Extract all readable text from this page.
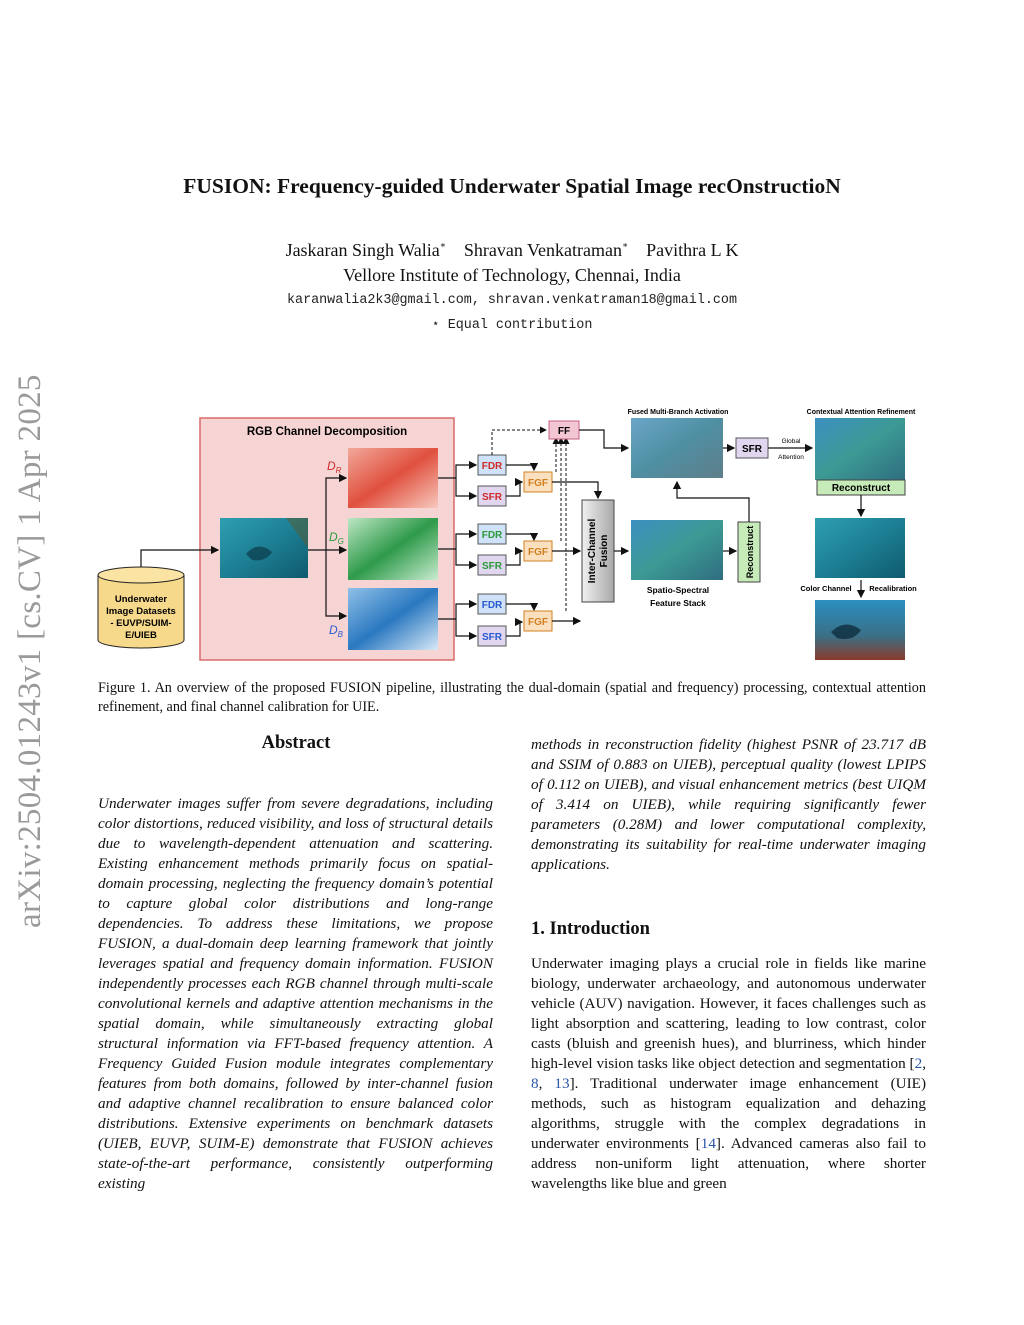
arXiv:2504.01243v1 [cs.CV] 1 Apr 2025
FUSION: Frequency-guided Underwater Spatial Image recOnstructioN
Jaskaran Singh Walia∗ Shravan Venkatraman∗ Pavithra L K
Vellore Institute of Technology, Chennai, India
karanwalia2k3@gmail.com, shravan.venkatraman18@gmail.com
⋆ Equal contribution
RGB Channel Decomposition
Underwater
Image Datasets
- EUVP/SUIM-
E/UIEB
$D_R$
$D_G$
$D_B$
FDR
SFR
FDR
SFR
FDR
SFR
FGF
FGF
FGF
FF
Inter-Channel Fusion
Fused Multi-Branch Activation
Spatio-Spectral
Feature Stack
Reconstruct
SFR
Global
Attention
Contextual Attention Refinement
Reconstruct
Color Channel Recalibration
Figure 1. An overview of the proposed FUSION pipeline, illustrating the dual-domain (spatial and frequency) processing, contextual attention refinement, and final channel calibration for UIE.
Abstract
Underwater images suffer from severe degradations, including color distortions, reduced visibility, and loss of structural details due to wavelength-dependent attenuation and scattering. Existing enhancement methods primarily focus on spatial-domain processing, neglecting the frequency domain’s potential to capture global color distributions and long-range dependencies. To address these limitations, we propose FUSION, a dual-domain deep learning framework that jointly leverages spatial and frequency domain information. FUSION independently processes each RGB channel through multi-scale convolutional kernels and adaptive attention mechanisms in the spatial domain, while simultaneously extracting global structural information via FFT-based frequency attention. A Frequency Guided Fusion module integrates complementary features from both domains, followed by inter-channel fusion and adaptive channel recalibration to ensure balanced color distributions. Extensive experiments on benchmark datasets (UIEB, EUVP, SUIM-E) demonstrate that FUSION achieves state-of-the-art performance, consistently outperforming existing
methods in reconstruction fidelity (highest PSNR of 23.717 dB and SSIM of 0.883 on UIEB), perceptual quality (lowest LPIPS of 0.112 on UIEB), and visual enhancement metrics (best UIQM of 3.414 on UIEB), while requiring significantly fewer parameters (0.28M) and lower computational complexity, demonstrating its suitability for real-time underwater imaging applications.
1. Introduction
Underwater imaging plays a crucial role in fields like marine biology, underwater archaeology, and autonomous underwater vehicle (AUV) navigation. However, it faces challenges such as light absorption and scattering, leading to low contrast, color casts (bluish and greenish hues), and blurriness, which hinder high-level vision tasks like object detection and segmentation [2, 8, 13]. Traditional underwater image enhancement (UIE) methods, such as histogram equalization and dehazing algorithms, struggle with the complex degradations in underwater environments [14]. Advanced cameras also fail to address non-uniform light attenuation, where shorter wavelengths like blue and green
